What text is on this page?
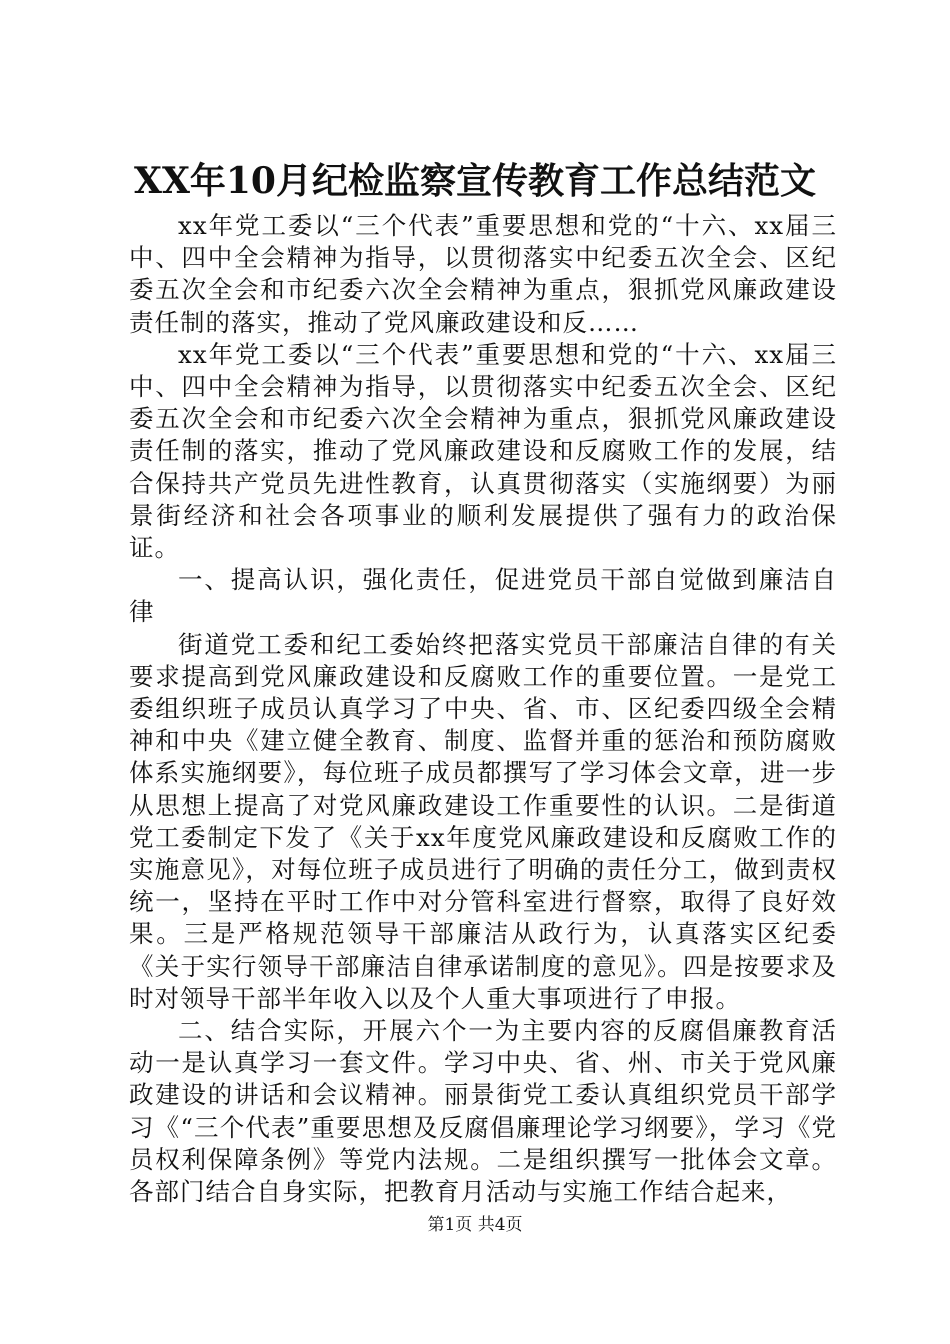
XX年10月纪检监察宣传教育工作总结范文

xx年党工委以“三个代表”重要思想和党的“十六、xx届三中、四中全会精神为指导，以贯彻落实中纪委五次全会、区纪委五次全会和市纪委六次全会精神为重点，狠抓党风廉政建设责任制的落实，推动了党风廉政建设和反……

xx年党工委以“三个代表”重要思想和党的“十六、xx届三中、四中全会精神为指导，以贯彻落实中纪委五次全会、区纪委五次全会和市纪委六次全会精神为重点，狠抓党风廉政建设责任制的落实，推动了党风廉政建设和反腐败工作的发展，结合保持共产党员先进性教育，认真贯彻落实（实施纲要）为丽景街经济和社会各项事业的顺利发展提供了强有力的政治保证。

一、提高认识，强化责任，促进党员干部自觉做到廉洁自律

街道党工委和纪工委始终把落实党员干部廉洁自律的有关要求提高到党风廉政建设和反腐败工作的重要位置。一是党工委组织班子成员认真学习了中央、省、市、区纪委四级全会精神和中央《建立健全教育、制度、监督并重的惩治和预防腐败体系实施纲要》，每位班子成员都撰写了学习体会文章，进一步从思想上提高了对党风廉政建设工作重要性的认识。二是街道党工委制定下发了《关于xx年度党风廉政建设和反腐败工作的实施意见》，对每位班子成员进行了明确的责任分工，做到责权统一，坚持在平时工作中对分管科室进行督察，取得了良好效果。三是严格规范领导干部廉洁从政行为，认真落实区纪委《关于实行领导干部廉洁自律承诺制度的意见》。四是按要求及时对领导干部半年收入以及个人重大事项进行了申报。

二、结合实际，开展六个一为主要内容的反腐倡廉教育活动一是认真学习一套文件。学习中央、省、州、市关于党风廉政建设的讲话和会议精神。丽景街党工委认真组织党员干部学习《“三个代表”重要思想及反腐倡廉理论学习纲要》，学习《党员权利保障条例》等党内法规。二是组织撰写一批体会文章。各部门结合自身实际，把教育月活动与实施工作结合起来，

第1页 共4页
